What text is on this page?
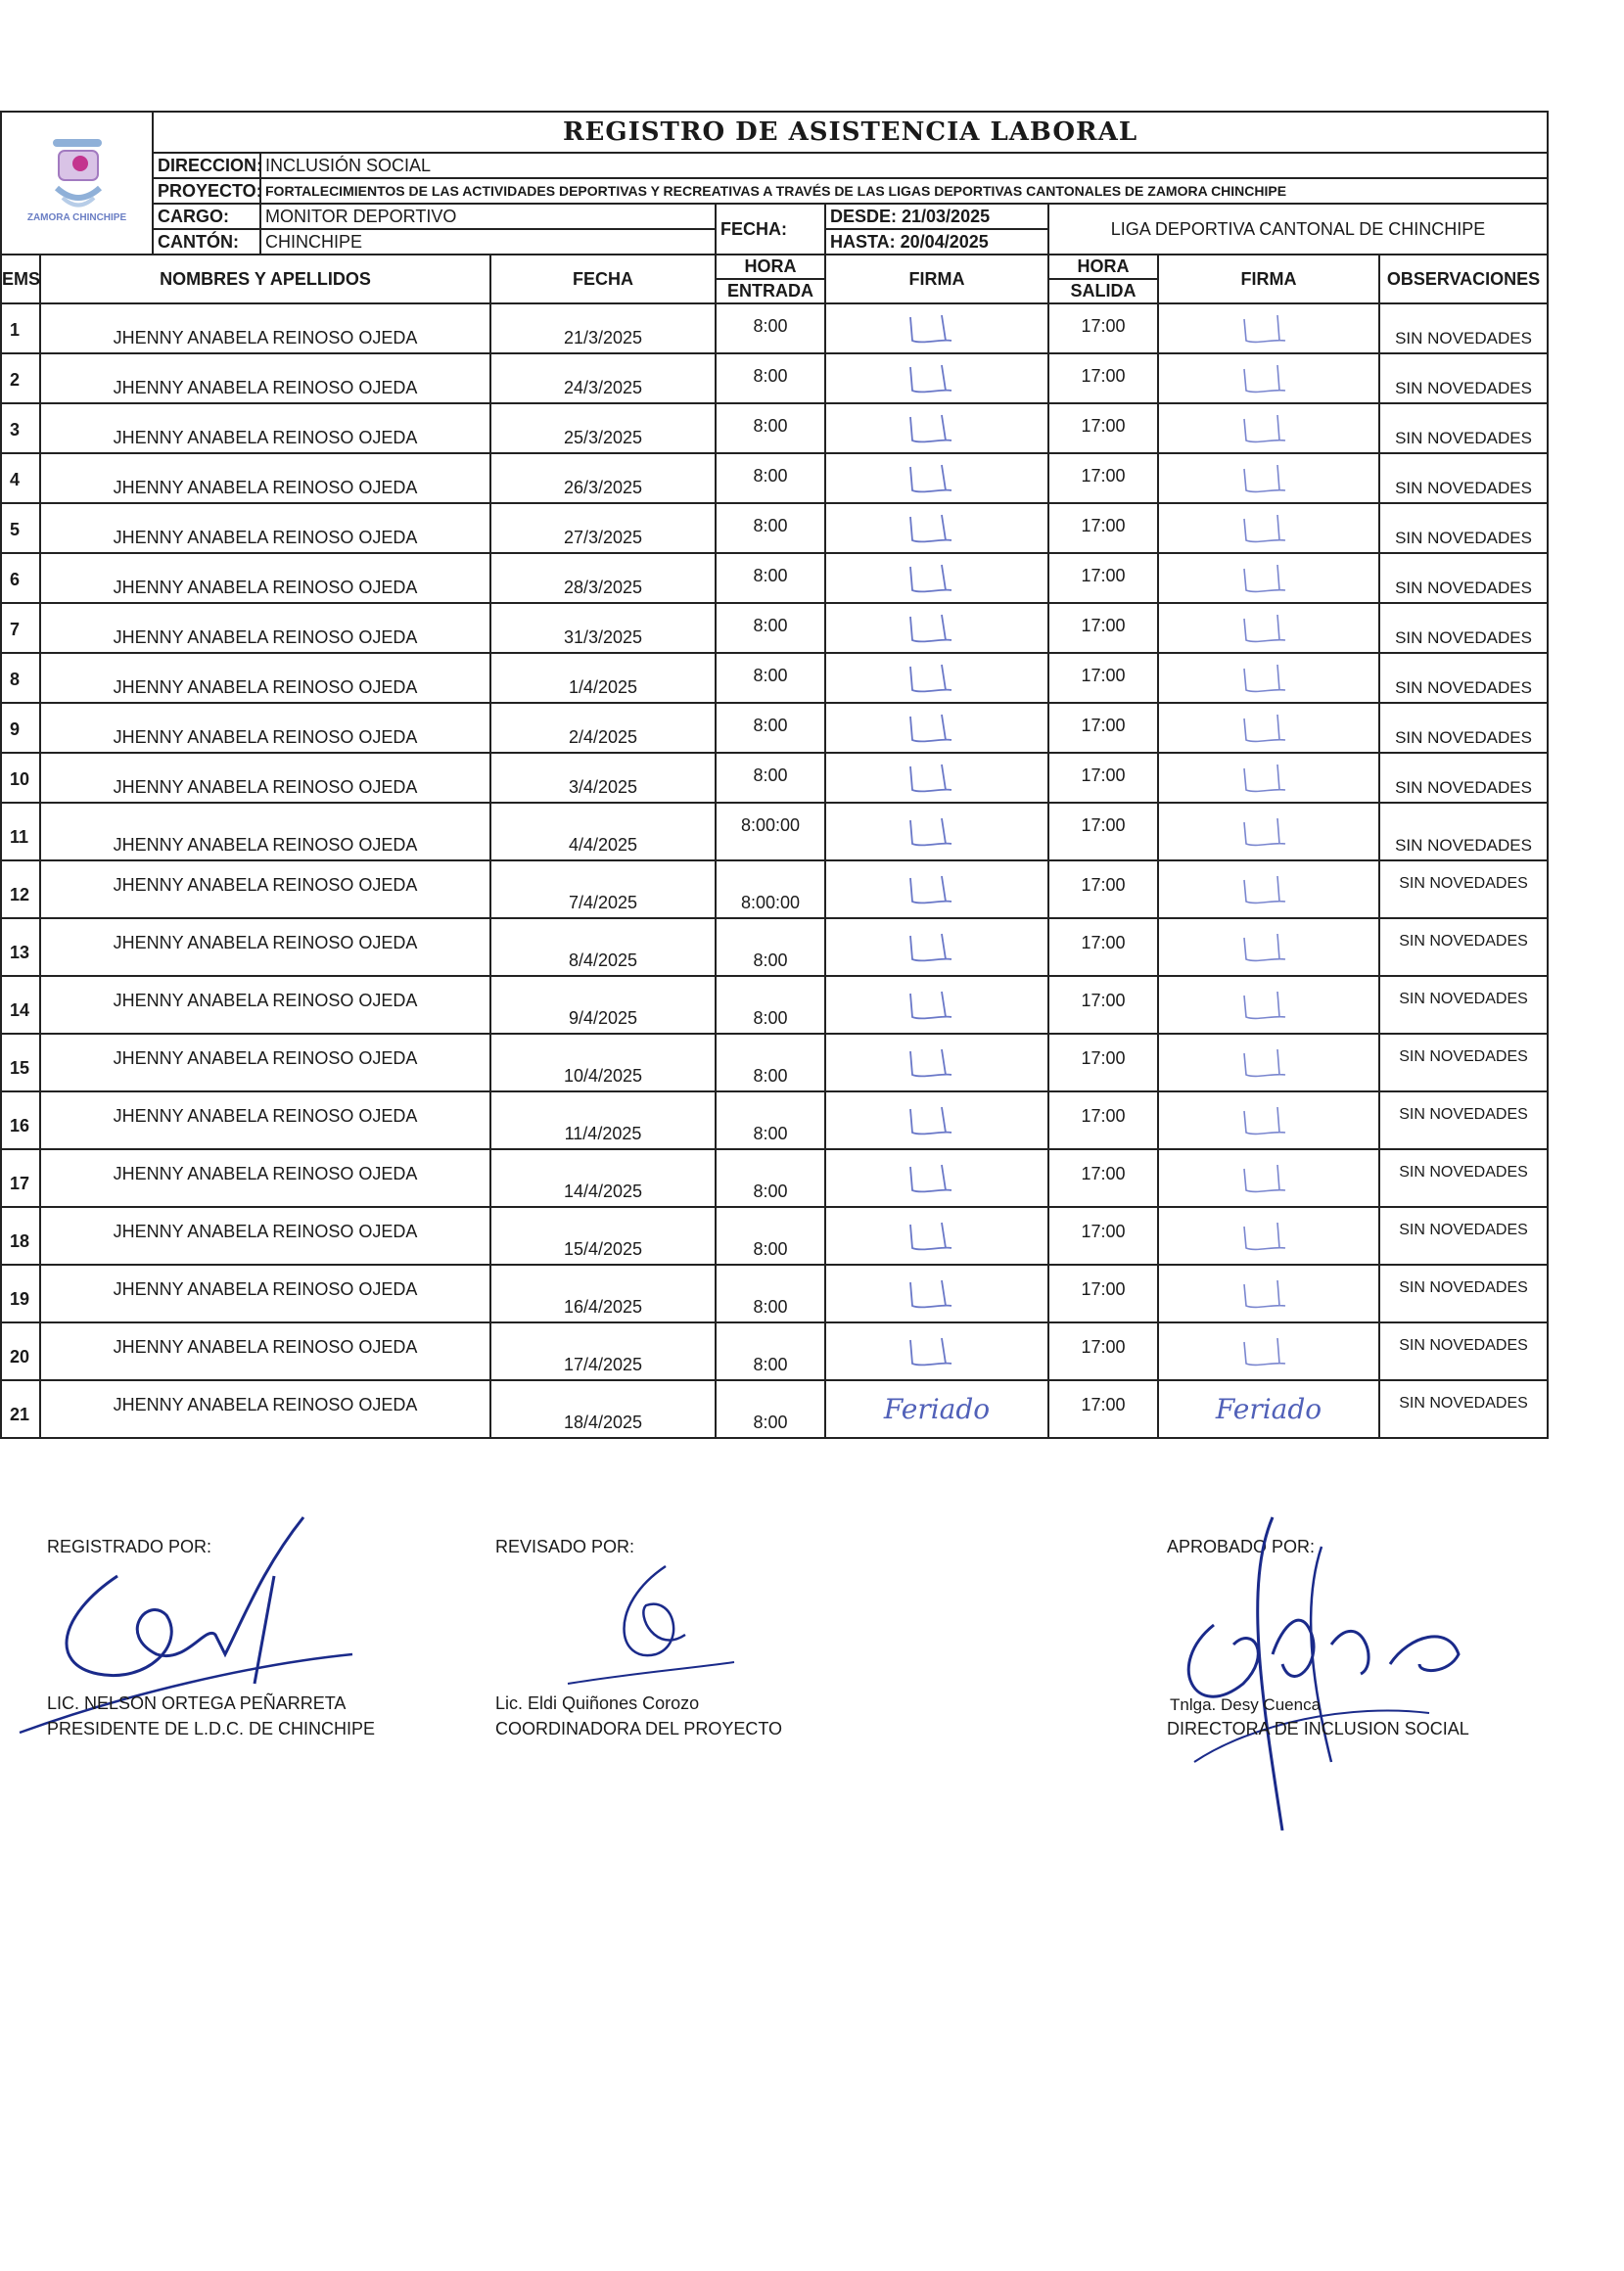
ZAMORA CHINCHIPE	REGISTRO DE ASISTENCIA LABORAL				
	DIRECCION:	INCLUSIÓN SOCIAL			
	PROYECTO:	FORTALECIMIENTOS DE LAS ACTIVIDADES DEPORTIVAS Y RECREATIVAS A TRAVÉS DE LAS LIGAS DEPORTIVAS CANTONALES DE ZAMORA CHINCHIPE			
	CARGO:	MONITOR DEPORTIVO	FECHA:	DESDE: 21/03/2025	LIGA DEPORTIVA CANTONAL DE CHINCHIPE
	CANTÓN:	CHINCHIPE		HASTA: 20/04/2025	
EMS	NOMBRES Y APELLIDOS	FECHA	HORA	FIRMA	HORA	FIRMA	OBSERVACIONES
			ENTRADA		SALIDA		
1	JHENNY ANABELA REINOSO OJEDA	21/3/2025	8:00		17:00		SIN NOVEDADES
2	JHENNY ANABELA REINOSO OJEDA	24/3/2025	8:00		17:00		SIN NOVEDADES
3	JHENNY ANABELA REINOSO OJEDA	25/3/2025	8:00		17:00		SIN NOVEDADES
4	JHENNY ANABELA REINOSO OJEDA	26/3/2025	8:00		17:00		SIN NOVEDADES
5	JHENNY ANABELA REINOSO OJEDA	27/3/2025	8:00		17:00		SIN NOVEDADES
6	JHENNY ANABELA REINOSO OJEDA	28/3/2025	8:00		17:00		SIN NOVEDADES
7	JHENNY ANABELA REINOSO OJEDA	31/3/2025	8:00		17:00		SIN NOVEDADES
8	JHENNY ANABELA REINOSO OJEDA	1/4/2025	8:00		17:00		SIN NOVEDADES
9	JHENNY ANABELA REINOSO OJEDA	2/4/2025	8:00		17:00		SIN NOVEDADES
10	JHENNY ANABELA REINOSO OJEDA	3/4/2025	8:00		17:00		SIN NOVEDADES
11	JHENNY ANABELA REINOSO OJEDA	4/4/2025	8:00:00		17:00		SIN NOVEDADES
12	JHENNY ANABELA REINOSO OJEDA	7/4/2025	8:00:00		17:00		SIN NOVEDADES
13	JHENNY ANABELA REINOSO OJEDA	8/4/2025	8:00		17:00		SIN NOVEDADES
14	JHENNY ANABELA REINOSO OJEDA	9/4/2025	8:00		17:00		SIN NOVEDADES
15	JHENNY ANABELA REINOSO OJEDA	10/4/2025	8:00		17:00		SIN NOVEDADES
16	JHENNY ANABELA REINOSO OJEDA	11/4/2025	8:00		17:00		SIN NOVEDADES
17	JHENNY ANABELA REINOSO OJEDA	14/4/2025	8:00		17:00		SIN NOVEDADES
18	JHENNY ANABELA REINOSO OJEDA	15/4/2025	8:00		17:00		SIN NOVEDADES
19	JHENNY ANABELA REINOSO OJEDA	16/4/2025	8:00		17:00		SIN NOVEDADES
20	JHENNY ANABELA REINOSO OJEDA	17/4/2025	8:00		17:00		SIN NOVEDADES
21	JHENNY ANABELA REINOSO OJEDA	18/4/2025	8:00	Feriado	17:00	Feriado	SIN NOVEDADES
REGISTRADO POR:
LIC. NELSON ORTEGA PEÑARRETA
PRESIDENTE DE L.D.C. DE CHINCHIPE
REVISADO POR:
Lic. Eldi Quiñones Corozo
COORDINADORA DEL PROYECTO
APROBADO POR:
Tnlga. Desy Cuenca
DIRECTORA DE INCLUSION SOCIAL
